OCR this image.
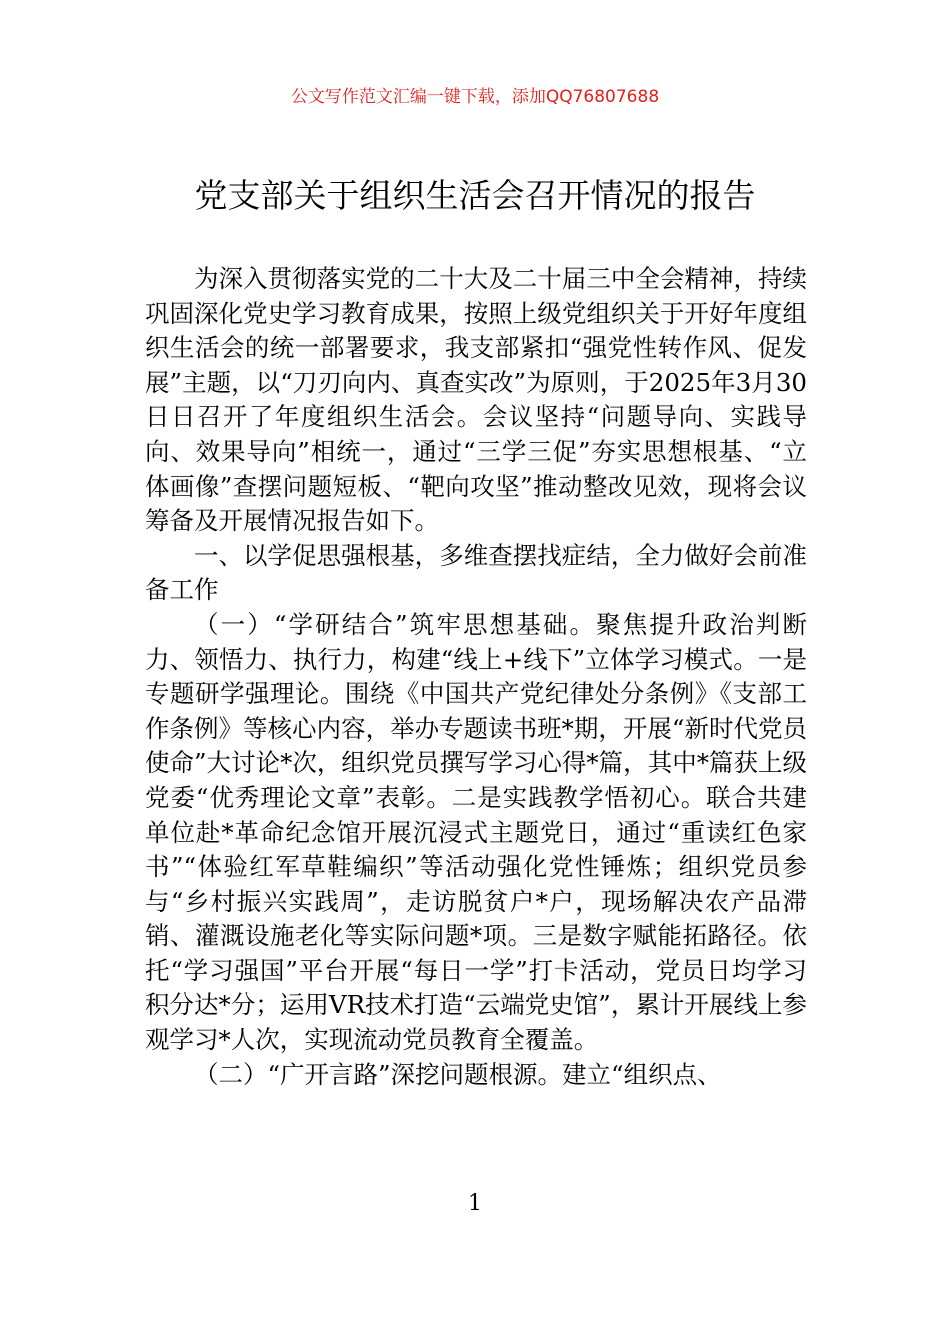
公文写作范文汇编一键下载，添加QQ76807688
党支部关于组织生活会召开情况的报告

为深入贯彻落实党的二十大及二十届三中全会精神，持续巩固深化党史学习教育成果，按照上级党组织关于开好年度组织生活会的统一部署要求，我支部紧扣“强党性转作风、促发展”主题，以“刀刃向内、真查实改”为原则，于2025年3月30日日召开了年度组织生活会。会议坚持“问题导向、实践导向、效果导向”相统一，通过“三学三促”夯实思想根基、“立体画像”查摆问题短板、“靶向攻坚”推动整改见效，现将会议筹备及开展情况报告如下。

一、以学促思强根基，多维查摆找症结，全力做好会前准备工作

（一）“学研结合”筑牢思想基础。聚焦提升政治判断力、领悟力、执行力，构建“线上+线下”立体学习模式。一是专题研学强理论。围绕《中国共产党纪律处分条例》《支部工作条例》等核心内容，举办专题读书班*期，开展“新时代党员使命”大讨论*次，组织党员撰写学习心得*篇，其中*篇获上级党委“优秀理论文章”表彰。二是实践教学悟初心。联合共建单位赴*革命纪念馆开展沉浸式主题党日，通过“重读红色家书”“体验红军草鞋编织”等活动强化党性锤炼；组织党员参与“乡村振兴实践周”，走访脱贫户*户，现场解决农产品滞销、灌溉设施老化等实际问题*项。三是数字赋能拓路径。依托“学习强国”平台开展“每日一学”打卡活动，党员日均学习积分达*分；运用VR技术打造“云端党史馆”，累计开展线上参观学习*人次，实现流动党员教育全覆盖。

（二）“广开言路”深挖问题根源。建立“组织点、

1
